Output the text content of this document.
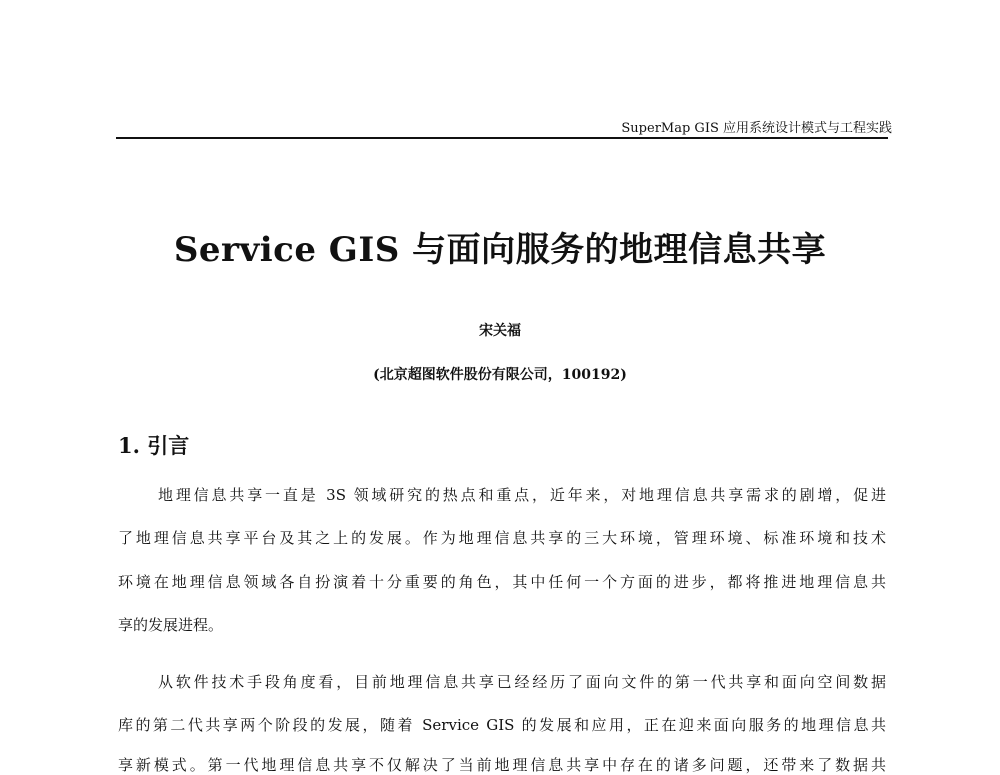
SuperMap GIS 应用系统设计模式与工程实践
Service GIS 与面向服务的地理信息共享
宋关福
(北京超图软件股份有限公司，100192)
1. 引言
地理信息共享一直是 3S 领域研究的热点和重点，近年来，对地理信息共享需求的剧增，促进
了地理信息共享平台及其之上的发展。作为地理信息共享的三大环境，管理环境、标准环境和技术
环境在地理信息领域各自扮演着十分重要的角色，其中任何一个方面的进步，都将推进地理信息共
享的发展进程。
从软件技术手段角度看，目前地理信息共享已经经历了面向文件的第一代共享和面向空间数据
库的第二代共享两个阶段的发展，随着 Service GIS 的发展和应用，正在迎来面向服务的地理信息共
享新模式。第一代地理信息共享不仅解决了当前地理信息共享中存在的诸多问题，还带来了数据共
